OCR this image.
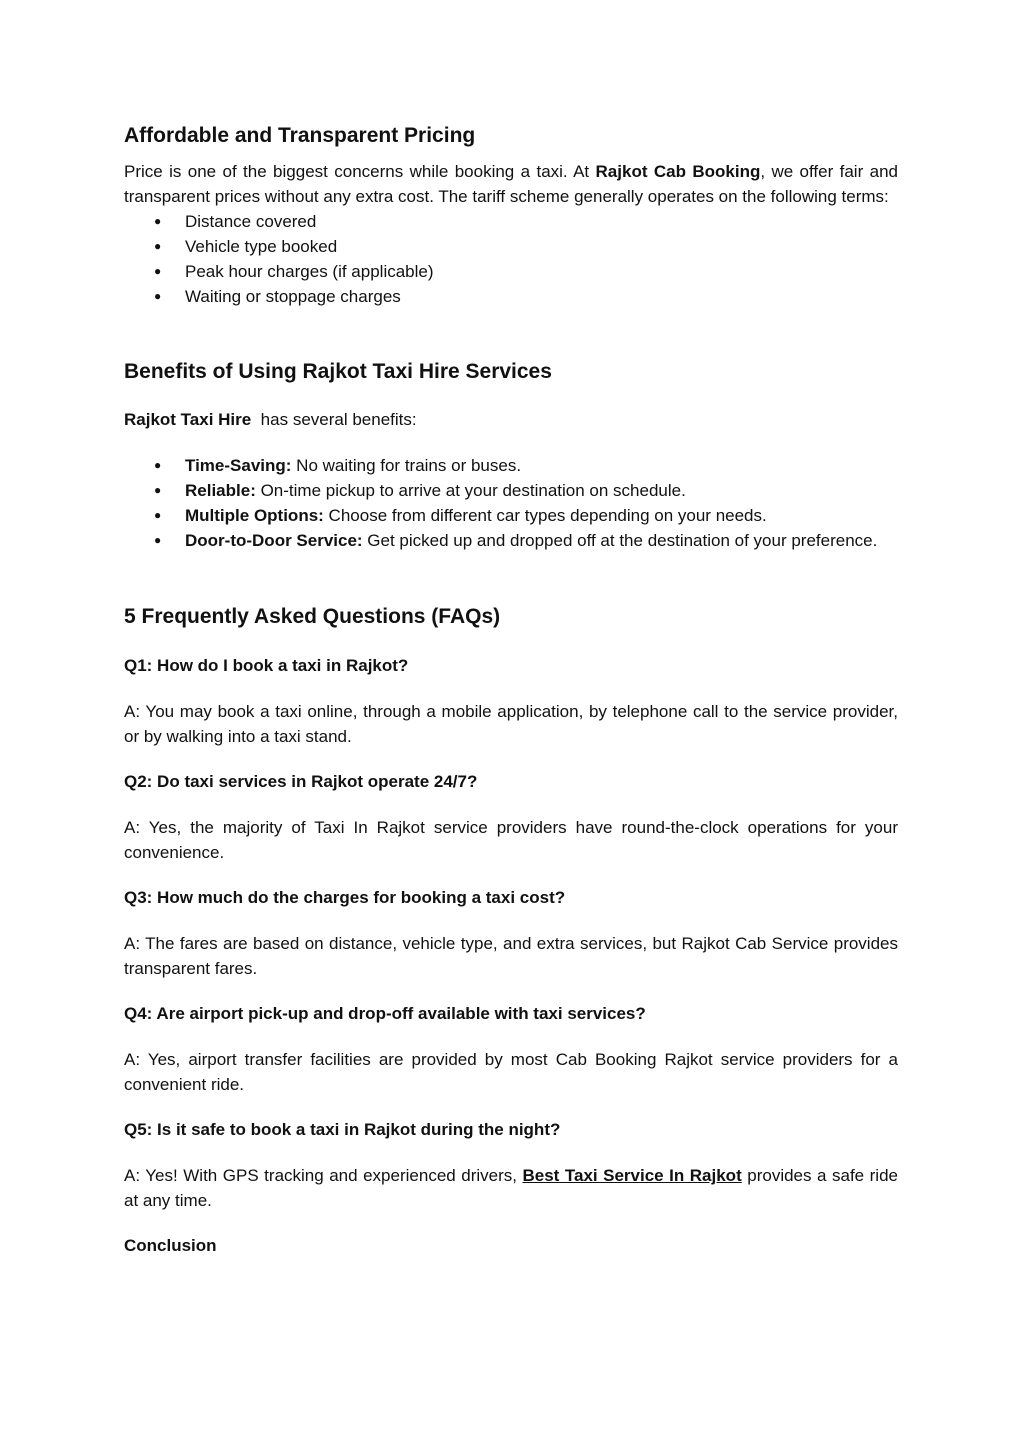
Affordable and Transparent Pricing

Price is one of the biggest concerns while booking a taxi. At Rajkot Cab Booking, we offer fair and transparent prices without any extra cost. The tariff scheme generally operates on the following terms:

● Distance covered
● Vehicle type booked
● Peak hour charges (if applicable)
● Waiting or stoppage charges
Benefits of Using Rajkot Taxi Hire Services

Rajkot Taxi Hire  has several benefits:

● Time-Saving: No waiting for trains or buses.
● Reliable: On-time pickup to arrive at your destination on schedule.
● Multiple Options: Choose from different car types depending on your needs.
● Door-to-Door Service: Get picked up and dropped off at the destination of your preference.
5 Frequently Asked Questions (FAQs)
Q1: How do I book a taxi in Rajkot?

A: You may book a taxi online, through a mobile application, by telephone call to the service provider, or by walking into a taxi stand.

Q2: Do taxi services in Rajkot operate 24/7?

A: Yes, the majority of Taxi In Rajkot service providers have round-the-clock operations for your convenience.

Q3: How much do the charges for booking a taxi cost?

A: The fares are based on distance, vehicle type, and extra services, but Rajkot Cab Service provides transparent fares.

Q4: Are airport pick-up and drop-off available with taxi services?

A: Yes, airport transfer facilities are provided by most Cab Booking Rajkot service providers for a convenient ride.

Q5: Is it safe to book a taxi in Rajkot during the night?

A: Yes! With GPS tracking and experienced drivers, Best Taxi Service In Rajkot provides a safe ride at any time.

Conclusion
